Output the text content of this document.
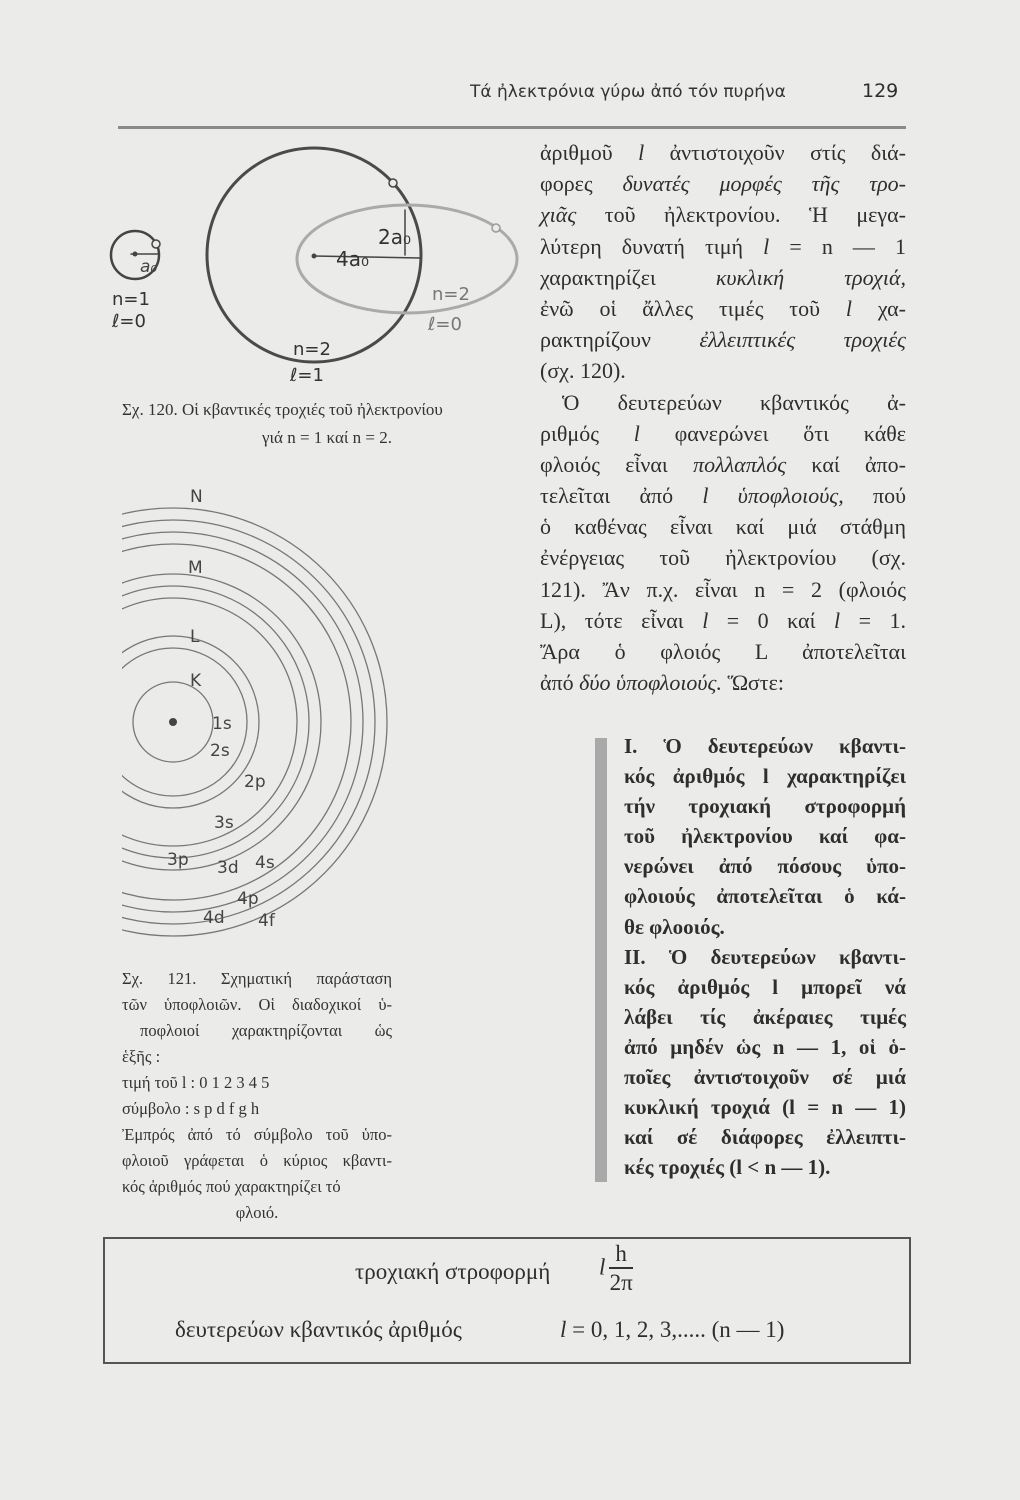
Τά ἠλεκτρόνια γύρω ἀπό τόν πυρήνα	129
a₀
n=1
ℓ=0
2a₀
4a₀
n=2
ℓ=0
n=2
ℓ=1
Σχ. 120. Οἱ κβαντικές τροχιές τοῦ ἠλεκτρονίου
γιά n = 1 καί n = 2.
N
M
L
K
1s
2s
2p
3s
3p 3d 4s
4p
4d 4f
Σχ. 121. Σχηματική παράσταση
τῶν ὑποφλοιῶν. Οἱ διαδοχικοί ὑ-
ποφλοιοί χαρακτηρίζονται ὡς
ἑξῆς :
τιμή τοῦ l : 0 1 2 3 4 5
σύμβολο : s p d f g h
Ἐμπρός ἀπό τό σύμβολο τοῦ ὑπο-
φλοιοῦ γράφεται ὁ κύριος κβαντι-
κός ἀριθμός πού χαρακτηρίζει τό
φλοιό.
ἀριθμοῦ l ἀντιστοιχοῦν στίς διά-
φορες δυνατές μορφές τῆς τρο-
χιᾶς τοῦ ἠλεκτρονίου. Ἡ μεγα-
λύτερη δυνατή τιμή l = n — 1
χαρακτηρίζει κυκλική τροχιά,
ἐνῶ οἱ ἄλλες τιμές τοῦ l χα-
ρακτηρίζουν ἐλλειπτικές τροχιές
(σχ. 120).
Ὁ δευτερεύων κβαντικός ἀ-
ριθμός l φανερώνει ὅτι κάθε
φλοιός εἶναι πολλαπλός καί ἀπο-
τελεῖται ἀπό l ὑποφλοιούς, πού
ὁ καθένας εἶναι καί μιά στάθμη
ἐνέργειας τοῦ ἠλεκτρονίου (σχ.
121). Ἄν π.χ. εἶναι n = 2 (φλοιός
L), τότε εἶναι l = 0 καί l = 1.
Ἄρα ὁ φλοιός L ἀποτελεῖται
ἀπό δύο ὑποφλοιούς. Ὥστε:
I. Ὁ δευτερεύων κβαντι-
κός ἀριθμός l χαρακτηρίζει
τήν τροχιακή στροφορμή
τοῦ ἠλεκτρονίου καί φα-
νερώνει ἀπό πόσους ὑπο-
φλοιούς ἀποτελεῖται ὁ κά-
θε φλοοιός.
II. Ὁ δευτερεύων κβαντι-
κός ἀριθμός l μπορεῖ νά
λάβει τίς ἀκέραιες τιμές
ἀπό μηδέν ὡς n — 1, οἱ ὁ-
ποῖες ἀντιστοιχοῦν σέ μιά
κυκλική τροχιά (l = n — 1)
καί σέ διάφορες ἐλλειπτι-
κές τροχιές (l < n — 1).
τροχιακή στροφορμή l $\frac{h}{2\pi}$
δευτερεύων κβαντικός ἀριθμός	l = 0, 1, 2, 3,..... (n — 1)
